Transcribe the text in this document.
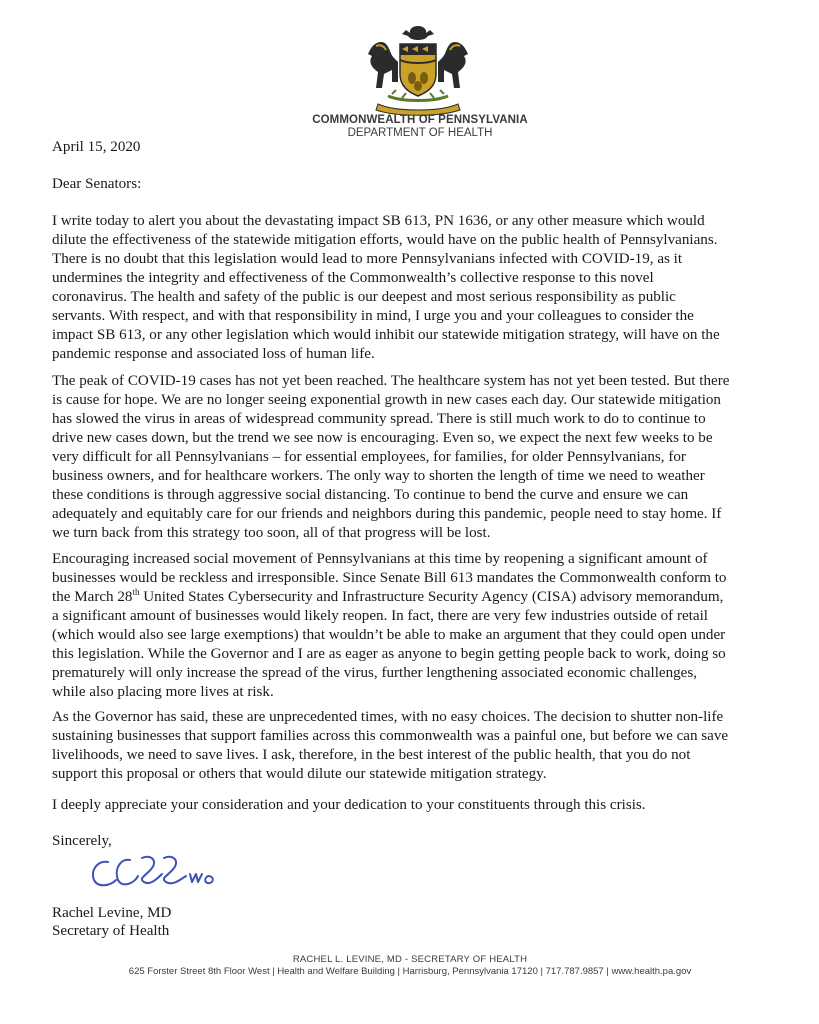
COMMONWEALTH OF PENNSYLVANIA
DEPARTMENT OF HEALTH
April 15, 2020
Dear Senators:
I write today to alert you about the devastating impact SB 613, PN 1636, or any other measure which would
dilute the effectiveness of the statewide mitigation efforts, would have on the public health of Pennsylvanians.
There is no doubt that this legislation would lead to more Pennsylvanians infected with COVID-19, as it
undermines the integrity and effectiveness of the Commonwealth’s collective response to this novel
coronavirus. The health and safety of the public is our deepest and most serious responsibility as public
servants. With respect, and with that responsibility in mind, I urge you and your colleagues to consider the
impact SB 613, or any other legislation which would inhibit our statewide mitigation strategy, will have on the
pandemic response and associated loss of human life.
The peak of COVID-19 cases has not yet been reached. The healthcare system has not yet been tested. But there
is cause for hope. We are no longer seeing exponential growth in new cases each day. Our statewide mitigation
has slowed the virus in areas of widespread community spread. There is still much work to do to continue to
drive new cases down, but the trend we see now is encouraging. Even so, we expect the next few weeks to be
very difficult for all Pennsylvanians – for essential employees, for families, for older Pennsylvanians, for
business owners, and for healthcare workers. The only way to shorten the length of time we need to weather
these conditions is through aggressive social distancing. To continue to bend the curve and ensure we can
adequately and equitably care for our friends and neighbors during this pandemic, people need to stay home. If
we turn back from this strategy too soon, all of that progress will be lost.
Encouraging increased social movement of Pennsylvanians at this time by reopening a significant amount of
businesses would be reckless and irresponsible. Since Senate Bill 613 mandates the Commonwealth conform to
the March 28th United States Cybersecurity and Infrastructure Security Agency (CISA) advisory memorandum,
a significant amount of businesses would likely reopen. In fact, there are very few industries outside of retail
(which would also see large exemptions) that wouldn’t be able to make an argument that they could open under
this legislation. While the Governor and I are as eager as anyone to begin getting people back to work, doing so
prematurely will only increase the spread of the virus, further lengthening associated economic challenges,
while also placing more lives at risk.
As the Governor has said, these are unprecedented times, with no easy choices. The decision to shutter non-life
sustaining businesses that support families across this commonwealth was a painful one, but before we can save
livelihoods, we need to save lives. I ask, therefore, in the best interest of the public health, that you do not
support this proposal or others that would dilute our statewide mitigation strategy.
I deeply appreciate your consideration and your dedication to your constituents through this crisis.
Sincerely,
Rachel Levine, MD
Secretary of Health
RACHEL L. LEVINE, MD - SECRETARY OF HEALTH
625 Forster Street 8th Floor West | Health and Welfare Building | Harrisburg, Pennsylvania 17120 | 717.787.9857 | www.health.pa.gov
